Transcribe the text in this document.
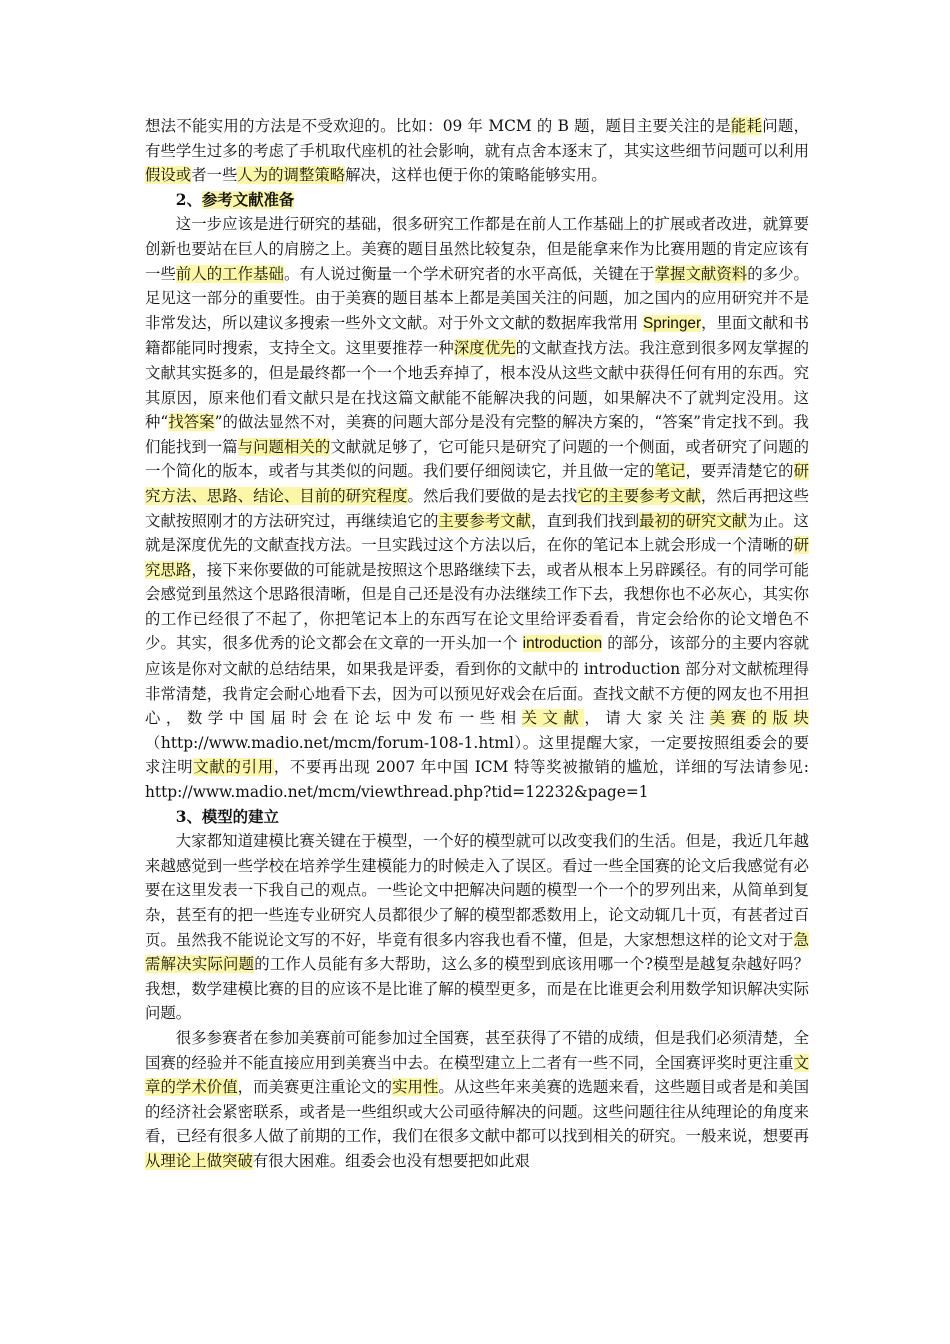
想法不能实用的方法是不受欢迎的。比如：09 年 MCM 的 B 题，题目主要关注的是能耗问题，有些学生过多的考虑了手机取代座机的社会影响，就有点舍本逐末了，其实这些细节问题可以利用假设或者一些人为的调整策略解决，这样也便于你的策略能够实用。

2、参考文献准备

这一步应该是进行研究的基础，很多研究工作都是在前人工作基础上的扩展或者改进，就算要创新也要站在巨人的肩膀之上。美赛的题目虽然比较复杂，但是能拿来作为比赛用题的肯定应该有一些前人的工作基础。有人说过衡量一个学术研究者的水平高低，关键在于掌握文献资料的多少。足见这一部分的重要性。由于美赛的题目基本上都是美国关注的问题，加之国内的应用研究并不是非常发达，所以建议多搜索一些外文文献。对于外文文献的数据库我常用 Springer，里面文献和书籍都能同时搜索，支持全文。这里要推荐一种深度优先的文献查找方法。我注意到很多网友掌握的文献其实挺多的，但是最终都一个一个地丢弃掉了，根本没从这些文献中获得任何有用的东西。究其原因，原来他们看文献只是在找这篇文献能不能解决我的问题，如果解决不了就判定没用。这种“找答案”的做法显然不对，美赛的问题大部分是没有完整的解决方案的，“答案”肯定找不到。我们能找到一篇与问题相关的文献就足够了，它可能只是研究了问题的一个侧面，或者研究了问题的一个简化的版本，或者与其类似的问题。我们要仔细阅读它，并且做一定的笔记，要弄清楚它的研究方法、思路、结论、目前的研究程度。然后我们要做的是去找它的主要参考文献，然后再把这些文献按照刚才的方法研究过，再继续追它的主要参考文献，直到我们找到最初的研究文献为止。这就是深度优先的文献查找方法。一旦实践过这个方法以后，在你的笔记本上就会形成一个清晰的研究思路，接下来你要做的可能就是按照这个思路继续下去，或者从根本上另辟蹊径。有的同学可能会感觉到虽然这个思路很清晰，但是自己还是没有办法继续工作下去，我想你也不必灰心，其实你的工作已经很了不起了，你把笔记本上的东西写在论文里给评委看看，肯定会给你的论文增色不少。其实，很多优秀的论文都会在文章的一开头加一个 introduction 的部分，该部分的主要内容就应该是你对文献的总结结果，如果我是评委，看到你的文献中的 introduction 部分对文献梳理得非常清楚，我肯定会耐心地看下去，因为可以预见好戏会在后面。查找文献不方便的网友也不用担心，数学中国届时会在论坛中发布一些相关文献，请大家关注美赛的版块（http://www.madio.net/mcm/forum-108-1.html）。这里提醒大家，一定要按照组委会的要求注明文献的引用，不要再出现 2007 年中国 ICM 特等奖被撤销的尴尬，详细的写法请参见: http://www.madio.net/mcm/viewthread.php?tid=12232&page=1

3、模型的建立

大家都知道建模比赛关键在于模型，一个好的模型就可以改变我们的生活。但是，我近几年越来越感觉到一些学校在培养学生建模能力的时候走入了误区。看过一些全国赛的论文后我感觉有必要在这里发表一下我自己的观点。一些论文中把解决问题的模型一个一个的罗列出来，从简单到复杂，甚至有的把一些连专业研究人员都很少了解的模型都悉数用上，论文动辄几十页，有甚者过百页。虽然我不能说论文写的不好，毕竟有很多内容我也看不懂，但是，大家想想这样的论文对于急需解决实际问题的工作人员能有多大帮助，这么多的模型到底该用哪一个?模型是越复杂越好吗？我想，数学建模比赛的目的应该不是比谁了解的模型更多，而是在比谁更会利用数学知识解决实际问题。

很多参赛者在参加美赛前可能参加过全国赛，甚至获得了不错的成绩，但是我们必须清楚，全国赛的经验并不能直接应用到美赛当中去。在模型建立上二者有一些不同，全国赛评奖时更注重文章的学术价值，而美赛更注重论文的实用性。从这些年来美赛的选题来看，这些题目或者是和美国的经济社会紧密联系，或者是一些组织或大公司亟待解决的问题。这些问题往往从纯理论的角度来看，已经有很多人做了前期的工作，我们在很多文献中都可以找到相关的研究。一般来说，想要再从理论上做突破有很大困难。组委会也没有想要把如此艰
